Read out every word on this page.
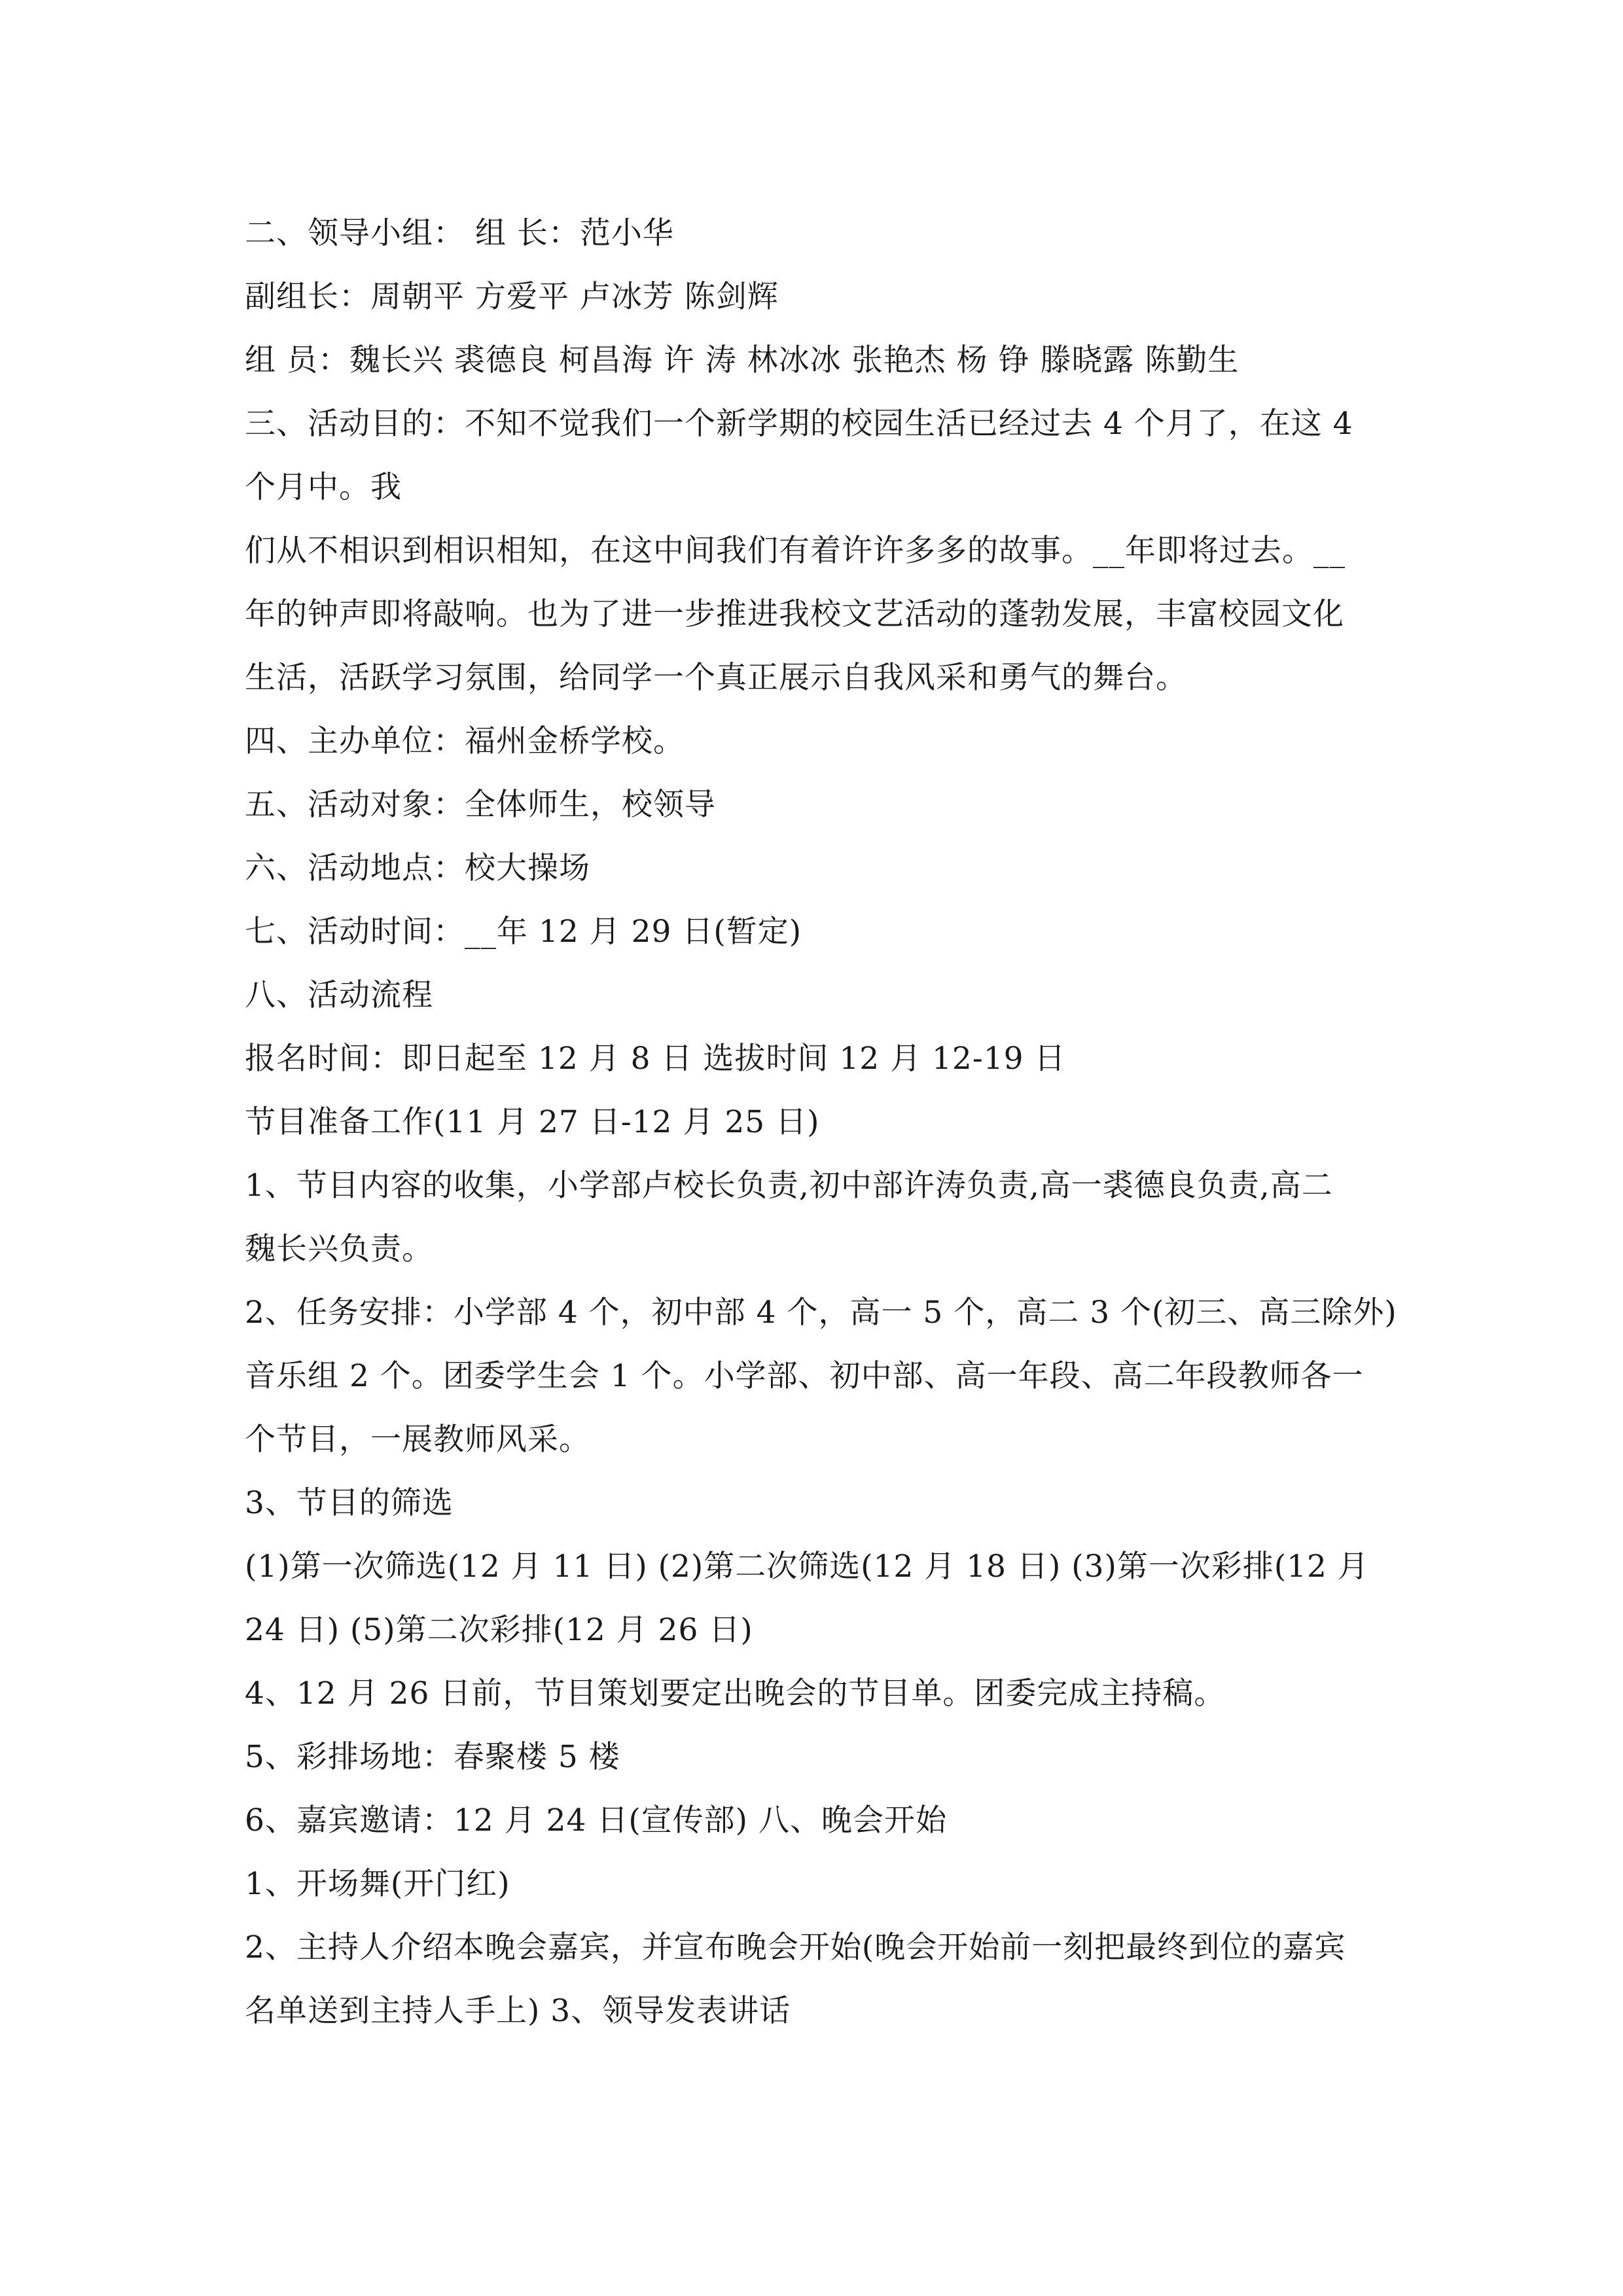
二、领导小组： 组 长：范小华
副组长：周朝平 方爱平 卢冰芳 陈剑辉
组 员：魏长兴 裘德良 柯昌海 许 涛 林冰冰 张艳杰 杨 铮 滕晓露 陈勤生
三、活动目的：不知不觉我们一个新学期的校园生活已经过去 4 个月了，在这 4
个月中。我
们从不相识到相识相知，在这中间我们有着许许多多的故事。__年即将过去。__
年的钟声即将敲响。也为了进一步推进我校文艺活动的蓬勃发展，丰富校园文化
生活，活跃学习氛围，给同学一个真正展示自我风采和勇气的舞台。
四、主办单位：福州金桥学校。
五、活动对象：全体师生，校领导
六、活动地点：校大操场
七、活动时间：__年 12 月 29 日(暂定)
八、活动流程
报名时间：即日起至 12 月 8 日 选拔时间 12 月 12-19 日
节目准备工作(11 月 27 日-12 月 25 日)
1、节目内容的收集，小学部卢校长负责,初中部许涛负责,高一裘德良负责,高二
魏长兴负责。
2、任务安排：小学部 4 个，初中部 4 个，高一 5 个，高二 3 个(初三、高三除外)
音乐组 2 个。团委学生会 1 个。小学部、初中部、高一年段、高二年段教师各一
个节目，一展教师风采。
3、节目的筛选
(1)第一次筛选(12 月 11 日) (2)第二次筛选(12 月 18 日) (3)第一次彩排(12 月
24 日) (5)第二次彩排(12 月 26 日)
4、12 月 26 日前，节目策划要定出晚会的节目单。团委完成主持稿。
5、彩排场地：春聚楼 5 楼
6、嘉宾邀请：12 月 24 日(宣传部) 八、晚会开始
1、开场舞(开门红)
2、主持人介绍本晚会嘉宾，并宣布晚会开始(晚会开始前一刻把最终到位的嘉宾
名单送到主持人手上) 3、领导发表讲话
